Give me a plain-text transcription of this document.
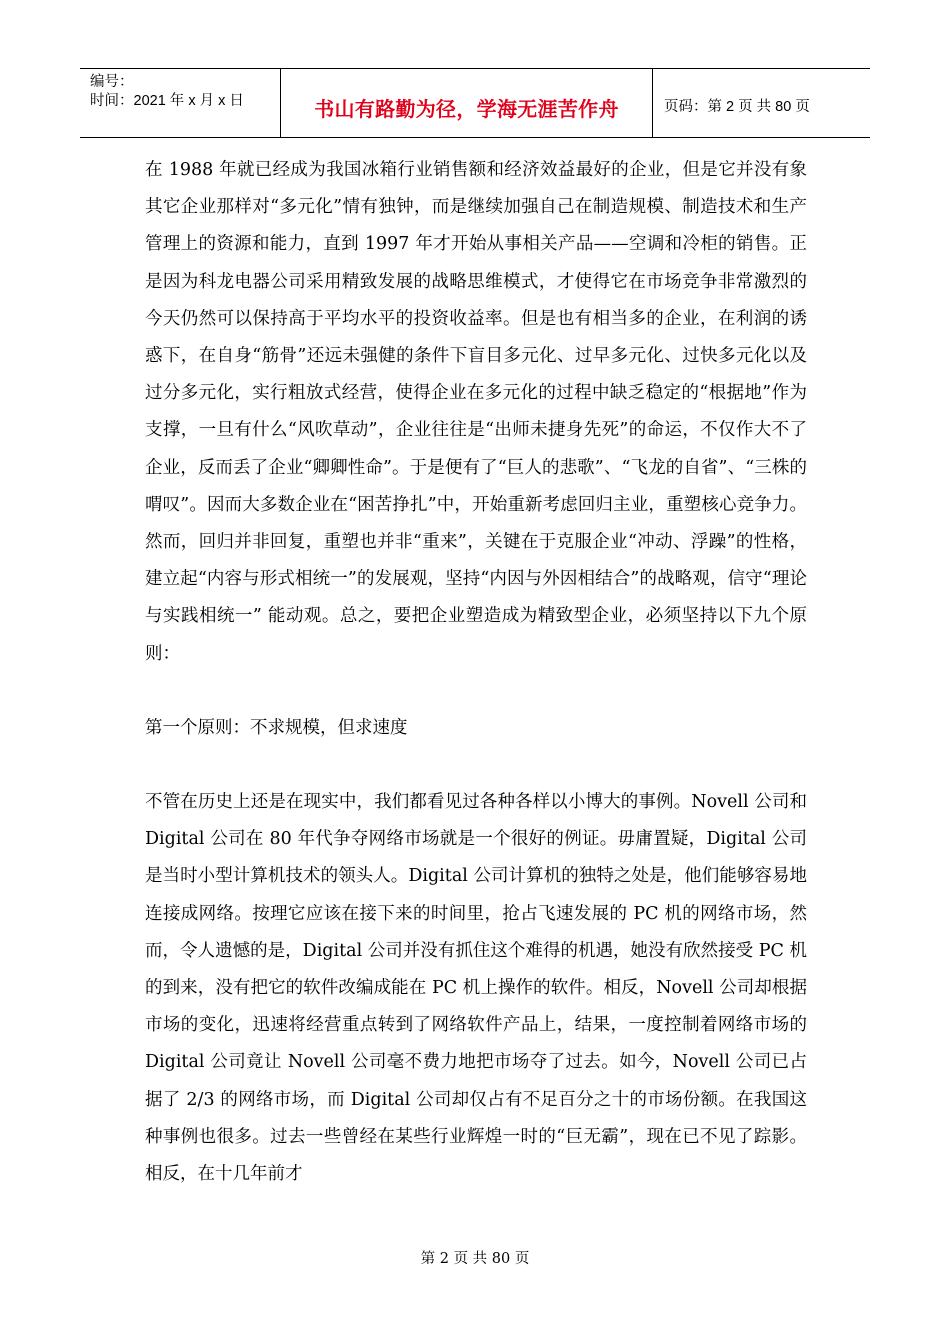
编号：
时间：2021 年 x 月 x 日	书山有路勤为径，学海无涯苦作舟	页码：第 2 页 共 80 页

在 1988 年就已经成为我国冰箱行业销售额和经济效益最好的企业，但是它并没有象其它企业那样对“多元化”情有独钟，而是继续加强自己在制造规模、制造技术和生产管理上的资源和能力，直到 1997 年才开始从事相关产品——空调和冷柜的销售。正是因为科龙电器公司采用精致发展的战略思维模式，才使得它在市场竞争非常激烈的今天仍然可以保持高于平均水平的投资收益率。但是也有相当多的企业，在利润的诱惑下，在自身“筋骨”还远未强健的条件下盲目多元化、过早多元化、过快多元化以及过分多元化，实行粗放式经营，使得企业在多元化的过程中缺乏稳定的“根据地”作为支撑，一旦有什么“风吹草动”，企业往往是“出师未捷身先死”的命运，不仅作大不了企业，反而丢了企业“卿卿性命”。于是便有了“巨人的悲歌”、“飞龙的自省”、“三株的喟叹”。因而大多数企业在“困苦挣扎”中，开始重新考虑回归主业，重塑核心竞争力。然而，回归并非回复，重塑也并非“重来”，关键在于克服企业“冲动、浮躁”的性格，建立起“内容与形式相统一”的发展观，坚持“内因与外因相结合”的战略观，信守“理论与实践相统一” 能动观。总之，要把企业塑造成为精致型企业，必须坚持以下九个原则：

第一个原则：不求规模，但求速度

不管在历史上还是在现实中，我们都看见过各种各样以小博大的事例。Novell 公司和 Digital 公司在 80 年代争夺网络市场就是一个很好的例证。毋庸置疑，Digital 公司是当时小型计算机技术的领头人。Digital 公司计算机的独特之处是，他们能够容易地连接成网络。按理它应该在接下来的时间里，抢占飞速发展的 PC 机的网络市场，然而，令人遗憾的是，Digital 公司并没有抓住这个难得的机遇，她没有欣然接受 PC 机的到来，没有把它的软件改编成能在 PC 机上操作的软件。相反，Novell 公司却根据市场的变化，迅速将经营重点转到了网络软件产品上，结果，一度控制着网络市场的 Digital 公司竟让 Novell 公司毫不费力地把市场夺了过去。如今，Novell 公司已占据了 2/3 的网络市场，而 Digital 公司却仅占有不足百分之十的市场份额。在我国这种事例也很多。过去一些曾经在某些行业辉煌一时的“巨无霸”，现在已不见了踪影。相反，在十几年前才

第 2 页 共 80 页
